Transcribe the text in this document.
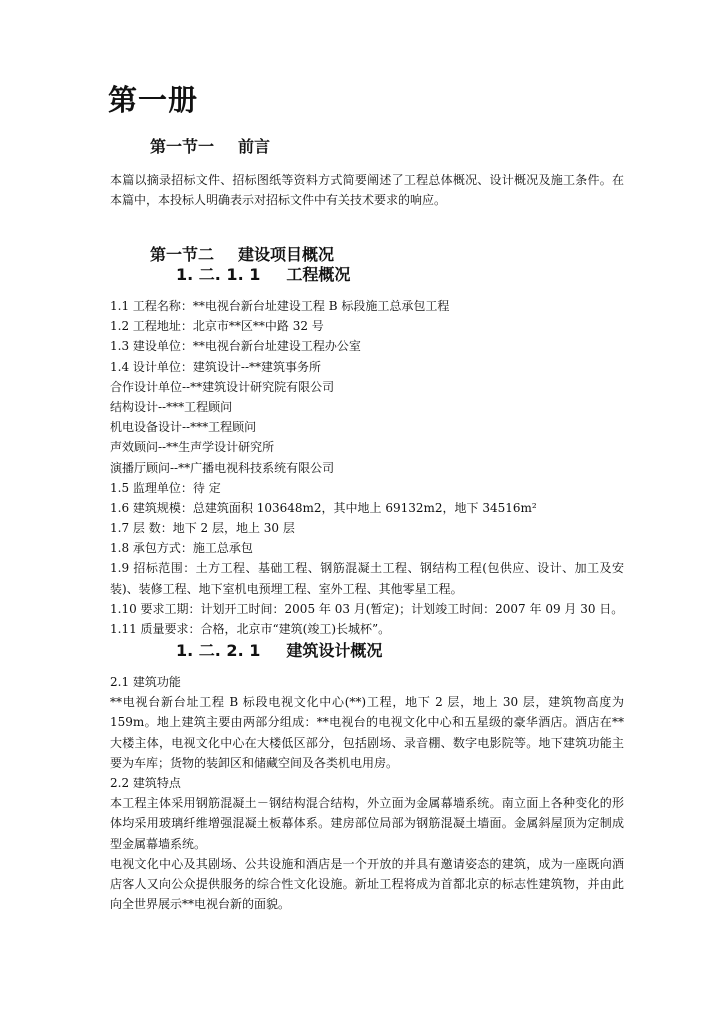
第一册
第一节一 前言
本篇以摘录招标文件、招标图纸等资料方式简要阐述了工程总体概况、设计概况及施工条件。在本篇中，本投标人明确表示对招标文件中有关技术要求的响应。
第一节二 建设项目概况
1. 二. 1. 1 工程概况
1.1 工程名称：**电视台新台址建设工程 B 标段施工总承包工程
1.2 工程地址：北京市**区**中路 32 号
1.3 建设单位：**电视台新台址建设工程办公室
1.4 设计单位：建筑设计--**建筑事务所
合作设计单位--**建筑设计研究院有限公司
结构设计--***工程顾问
机电设备设计--***工程顾问
声效顾问--**生声学设计研究所
演播厅顾问--**广播电视科技系统有限公司
1.5 监理单位：待 定
1.6 建筑规模：总建筑面积 103648m2，其中地上 69132m2，地下 34516m²
1.7 层 数：地下 2 层，地上 30 层
1.8 承包方式：施工总承包
1.9 招标范围：土方工程、基础工程、钢筋混凝土工程、钢结构工程(包供应、设计、加工及安装)、装修工程、地下室机电预埋工程、室外工程、其他零星工程。
1.10 要求工期：计划开工时间：2005 年 03 月(暂定)；计划竣工时间：2007 年 09 月 30 日。
1.11 质量要求：合格，北京市“建筑(竣工)长城杯”。
1. 二. 2. 1 建筑设计概况
2.1 建筑功能
**电视台新台址工程 B 标段电视文化中心(**)工程，地下 2 层，地上 30 层，建筑物高度为 159m。地上建筑主要由两部分组成：**电视台的电视文化中心和五星级的豪华酒店。酒店在**大楼主体，电视文化中心在大楼低区部分，包括剧场、录音棚、数字电影院等。地下建筑功能主要为车库；货物的装卸区和储藏空间及各类机电用房。
2.2 建筑特点
本工程主体采用钢筋混凝土－钢结构混合结构，外立面为金属幕墙系统。南立面上各种变化的形体均采用玻璃纤维增强混凝土板幕体系。建房部位局部为钢筋混凝土墙面。金属斜屋顶为定制成型金属幕墙系统。
电视文化中心及其剧场、公共设施和酒店是一个开放的并具有邀请姿态的建筑，成为一座既向酒店客人又向公众提供服务的综合性文化设施。新址工程将成为首都北京的标志性建筑物，并由此向全世界展示**电视台新的面貌。
